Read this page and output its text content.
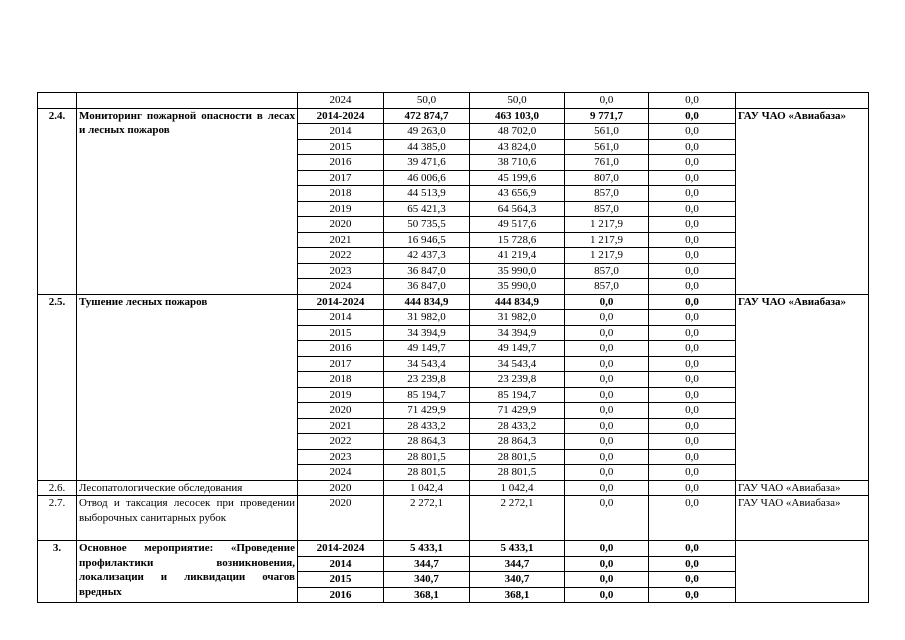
		2024	50,0	50,0	0,0	0,0	
2.4.	Мониторинг пожарной опасности в лесах и лесных пожаров	2014-2024	472 874,7	463 103,0	9 771,7	0,0	ГАУ ЧАО «Авиабаза»
		2014	49 263,0	48 702,0	561,0	0,0	
		2015	44 385,0	43 824,0	561,0	0,0	
		2016	39 471,6	38 710,6	761,0	0,0	
		2017	46 006,6	45 199,6	807,0	0,0	
		2018	44 513,9	43 656,9	857,0	0,0	
		2019	65 421,3	64 564,3	857,0	0,0	
		2020	50 735,5	49 517,6	1 217,9	0,0	
		2021	16 946,5	15 728,6	1 217,9	0,0	
		2022	42 437,3	41 219,4	1 217,9	0,0	
		2023	36 847,0	35 990,0	857,0	0,0	
		2024	36 847,0	35 990,0	857,0	0,0	
2.5.	Тушение лесных пожаров	2014-2024	444 834,9	444 834,9	0,0	0,0	ГАУ ЧАО «Авиабаза»
		2014	31 982,0	31 982,0	0,0	0,0	
		2015	34 394,9	34 394,9	0,0	0,0	
		2016	49 149,7	49 149,7	0,0	0,0	
		2017	34 543,4	34 543,4	0,0	0,0	
		2018	23 239,8	23 239,8	0,0	0,0	
		2019	85 194,7	85 194,7	0,0	0,0	
		2020	71 429,9	71 429,9	0,0	0,0	
		2021	28 433,2	28 433,2	0,0	0,0	
		2022	28 864,3	28 864,3	0,0	0,0	
		2023	28 801,5	28 801,5	0,0	0,0	
		2024	28 801,5	28 801,5	0,0	0,0	
2.6.	Лесопатологические обследования	2020	1 042,4	1 042,4	0,0	0,0	ГАУ ЧАО «Авиабаза»
2.7.	Отвод и таксация лесосек при проведении выборочных санитарных рубок	2020	2 272,1	2 272,1	0,0	0,0	ГАУ ЧАО «Авиабаза»
3.	Основное мероприятие: «Проведение профилактики возникновения, локализации и ликвидации очагов вредных	2014-2024	5 433,1	5 433,1	0,0	0,0	
		2014	344,7	344,7	0,0	0,0	
		2015	340,7	340,7	0,0	0,0	
		2016	368,1	368,1	0,0	0,0	
